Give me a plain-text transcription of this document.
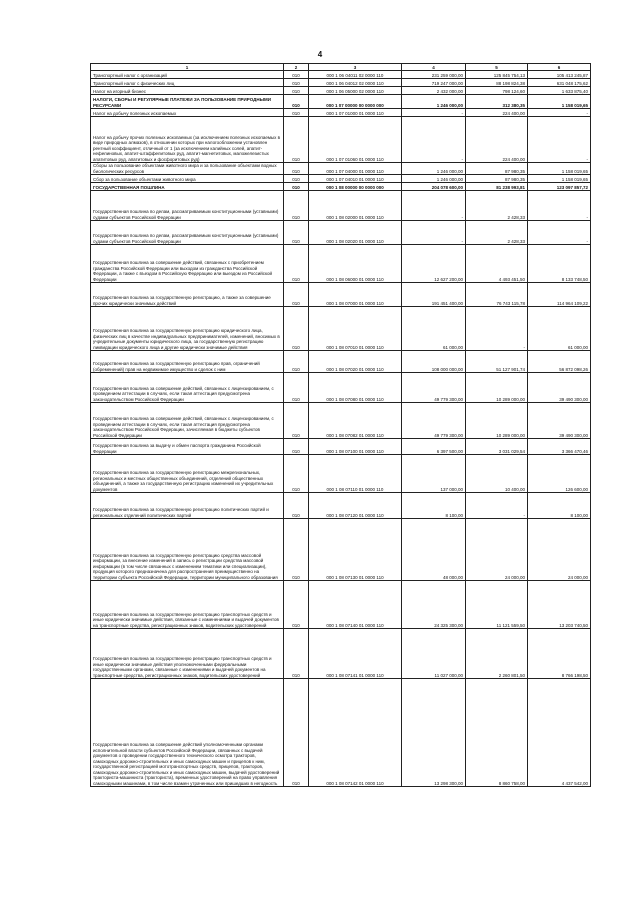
4
1	2	3	4	5	6
Транспортный налог с организаций	010	000 1 06 04011 02 0000 110	231 259 000,00	125 845 754,13	105 413 245,87
Транспортный налог с физических лиц	010	000 1 06 04012 02 0000 110	719 247 000,00	88 198 824,38	631 048 175,62
Налог на игорный бизнес	010	000 1 06 05000 02 0000 110	2 432 000,00	798 124,60	1 633 875,40
НАЛОГИ, СБОРЫ И РЕГУЛЯРНЫЕ ПЛАТЕЖИ ЗА ПОЛЬЗОВАНИЕ ПРИРОДНЫМИ РЕСУРСАМИ	010	000 1 07 00000 00 0000 000	1 246 000,00	312 380,35	1 158 019,65
Налог на добычу полезных ископаемых	010	000 1 07 01000 01 0000 110	-	224 400,00	-
Налог на добычу прочих полезных ископаемых (за исключением полезных ископаемых в виде природных алмазов), в отношении которых при налогообложении установлен рентный коэффициент, отличный от 1 (за исключением калийных солей, апатит-нефелиновых, апатит-штаффелитовых руд, апатит-магнетитовых, маложелезистых апатитовых руд, апатитовых и фосфоритовых руд)	010	000 1 07 01060 01 0000 110	-	224 400,00	-
Сборы за пользование объектами животного мира и за пользование объектами водных биологических ресурсов	010	000 1 07 04000 01 0000 110	1 246 000,00	87 980,35	1 158 019,65
Сбор за пользование объектами животного мира	010	000 1 07 04010 01 0000 110	1 246 000,00	87 980,35	1 158 019,65
ГОСУДАРСТВЕННАЯ ПОШЛИНА	010	000 1 08 00000 00 0000 000	204 078 600,00	81 238 993,81	123 097 857,72
Государственная пошлина по делам, рассматриваемым конституционными (уставными) судами субъектов Российской Федерации	010	000 1 08 02000 01 0000 110	-	2 428,33	-
Государственная пошлина по делам, рассматриваемым конституционными (уставными) судами субъектов Российской Федерации	010	000 1 08 02020 01 0000 110	-	2 428,33	-
Государственная пошлина за совершение действий, связанных с приобретением гражданства Российской Федерации или выходом из гражданства Российской Федерации, а также с въездом в Российскую Федерацию или выездом из Российской Федерации	010	000 1 08 06000 01 0000 110	12 627 200,00	4 493 451,50	8 133 748,50
Государственная пошлина за государственную регистрацию, а также за совершение прочих юридически значимых действий	010	000 1 08 07000 01 0000 110	191 451 400,00	76 743 115,78	114 964 109,22
Государственная пошлина за государственную регистрацию юридического лица, физических лиц в качестве индивидуальных предпринимателей, изменений, вносимых в учредительные документы юридического лица, за государственную регистрацию ликвидации юридического лица и другие юридически значимые действия	010	000 1 08 07010 01 0000 110	61 000,00	-	61 000,00
Государственная пошлина за государственную регистрацию прав, ограничений (обременений) прав на недвижимое имущество и сделок с ним	010	000 1 08 07020 01 0000 110	108 000 000,00	51 127 901,74	56 872 098,26
Государственная пошлина за совершение действий, связанных с лицензированием, с проведением аттестации в случаях, если такая аттестация предусмотрена законодательством Российской Федерации	010	000 1 08 07080 01 0000 110	49 779 300,00	10 289 000,00	39 490 300,00
Государственная пошлина за совершение действий, связанных с лицензированием, с проведением аттестации в случаях, если такая аттестация предусмотрена законодательством Российской Федерации, зачисляемая в бюджеты субъектов Российской Федерации	010	000 1 08 07082 01 0000 110	49 779 300,00	10 289 000,00	39 490 300,00
Государственная пошлина за выдачу и обмен паспорта гражданина Российской Федерации	010	000 1 08 07100 01 0000 110	6 397 500,00	3 031 029,54	3 366 470,46
Государственная пошлина за государственную регистрацию межрегиональных, региональных и местных общественных объединений, отделений общественных объединений, а также за государственную регистрацию изменений их учредительных документов	010	000 1 08 07110 01 0000 110	137 000,00	10 400,00	126 600,00
Государственная пошлина за государственную регистрацию политических партий и региональных отделений политических партий	010	000 1 08 07120 01 0000 110	8 100,00	-	8 100,00
Государственная пошлина за государственную регистрацию средства массовой информации, за внесение изменений в запись о регистрации средства массовой информации (в том числе связанных с изменением тематики или специализации), продукция которого предназначена для распространения преимущественно на территории субъекта Российской Федерации, территории муниципального образования	010	000 1 08 07130 01 0000 110	48 000,00	24 000,00	24 000,00
Государственная пошлина за государственную регистрацию транспортных средств и иные юридически значимые действия, связанные с изменениями и выдачей документов на транспортные средства, регистрационных знаков, водительских удостоверений	010	000 1 08 07140 01 0000 110	24 325 300,00	11 121 559,50	13 203 740,50
Государственная пошлина за государственную регистрацию транспортных средств и иные юридически значимые действия уполномоченными федеральными государственными органами, связанные с изменениями и выдачей документов на транспортные средства, регистрационных знаков, водительских удостоверений	010	000 1 08 07141 01 0000 110	11 027 000,00	2 260 801,50	8 766 198,50
Государственная пошлина за совершение действий уполномоченными органами исполнительной власти субъектов Российской Федерации, связанных с выдачей документов о проведении государственного технического осмотра тракторов, самоходных дорожно-строительных и иных самоходных машин и прицепов к ним, государственной регистрацией мототранспортных средств, прицепов, тракторов, самоходных дорожно-строительных и иных самоходных машин, выдачей удостоверений тракториста-машиниста (тракториста), временных удостоверений на право управления самоходными машинами, в том числе взамен утраченных или пришедших в негодность	010	000 1 08 07142 01 0000 110	13 298 300,00	8 860 758,00	4 437 542,00
